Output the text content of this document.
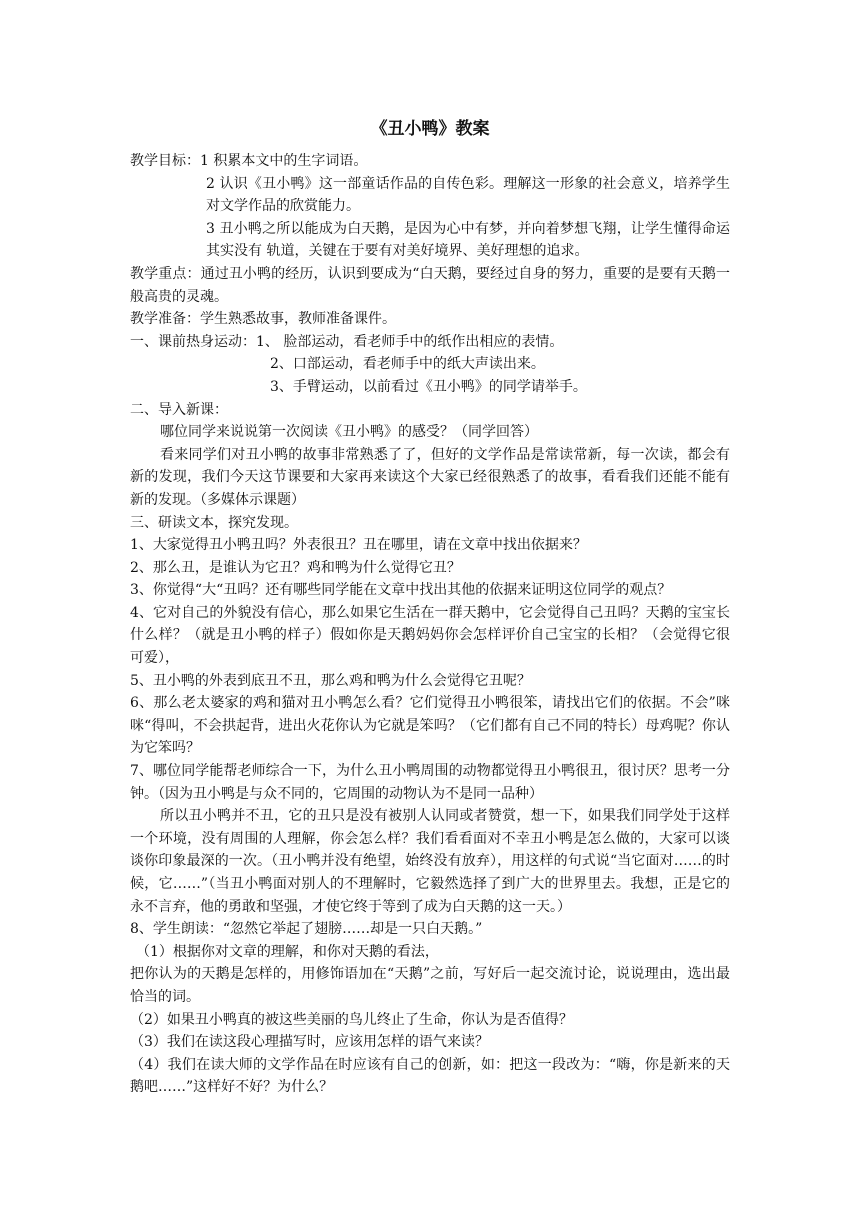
《丑小鸭》教案

教学目标：1 积累本文中的生字词语。

2 认识《丑小鸭》这一部童话作品的自传色彩。理解这一形象的社会意义，培养学生对文学作品的欣赏能力。

3 丑小鸭之所以能成为白天鹅，是因为心中有梦，并向着梦想飞翔，让学生懂得命运其实没有 轨道，关键在于要有对美好境界、美好理想的追求。

教学重点：通过丑小鸭的经历，认识到要成为“白天鹅，要经过自身的努力，重要的是要有天鹅一般高贵的灵魂。

教学准备：学生熟悉故事，教师准备课件。

一、课前热身运动：1、 脸部运动，看老师手中的纸作出相应的表情。

2、口部运动，看老师手中的纸大声读出来。

3、手臂运动，以前看过《丑小鸭》的同学请举手。

二、导入新课：

哪位同学来说说第一次阅读《丑小鸭》的感受？（同学回答）

看来同学们对丑小鸭的故事非常熟悉了了，但好的文学作品是常读常新，每一次读，都会有新的发现，我们今天这节课要和大家再来读这个大家已经很熟悉了的故事，看看我们还能不能有新的发现。（多媒体示课题）

三、研读文本，探究发现。

1、大家觉得丑小鸭丑吗？外表很丑？丑在哪里，请在文章中找出依据来？

2、那么丑，是谁认为它丑？鸡和鸭为什么觉得它丑？

3、你觉得“大“丑吗？还有哪些同学能在文章中找出其他的依据来证明这位同学的观点？

4、它对自己的外貌没有信心，那么如果它生活在一群天鹅中，它会觉得自己丑吗？天鹅的宝宝长什么样？（就是丑小鸭的样子）假如你是天鹅妈妈你会怎样评价自己宝宝的长相？（会觉得它很可爱），

5、丑小鸭的外表到底丑不丑，那么鸡和鸭为什么会觉得它丑呢？

6、那么老太婆家的鸡和猫对丑小鸭怎么看？它们觉得丑小鸭很笨，请找出它们的依据。不会”咪咪“得叫，不会拱起背，进出火花你认为它就是笨吗？（它们都有自己不同的特长）母鸡呢？你认为它笨吗？

7、哪位同学能帮老师综合一下，为什么丑小鸭周围的动物都觉得丑小鸭很丑，很讨厌？思考一分钟。（因为丑小鸭是与众不同的，它周围的动物认为不是同一品种）

所以丑小鸭并不丑，它的丑只是没有被别人认同或者赞赏，想一下，如果我们同学处于这样一个环境，没有周围的人理解，你会怎么样？我们看看面对不幸丑小鸭是怎么做的，大家可以谈谈你印象最深的一次。（丑小鸭并没有绝望，始终没有放弃），用这样的句式说“当它面对……的时候，它……”（当丑小鸭面对别人的不理解时，它毅然选择了到广大的世界里去。我想，正是它的永不言弃，他的勇敢和坚强，才使它终于等到了成为白天鹅的这一天。）

8、学生朗读：“忽然它举起了翅膀……却是一只白天鹅。”

（1）根据你对文章的理解，和你对天鹅的看法，

把你认为的天鹅是怎样的，用修饰语加在“天鹅”之前，写好后一起交流讨论，说说理由，选出最恰当的词。

（2）如果丑小鸭真的被这些美丽的鸟儿终止了生命，你认为是否值得？

（3）我们在读这段心理描写时，应该用怎样的语气来读？

（4）我们在读大师的文学作品在时应该有自己的创新，如：把这一段改为：“嗨，你是新来的天鹅吧……”这样好不好？为什么？
